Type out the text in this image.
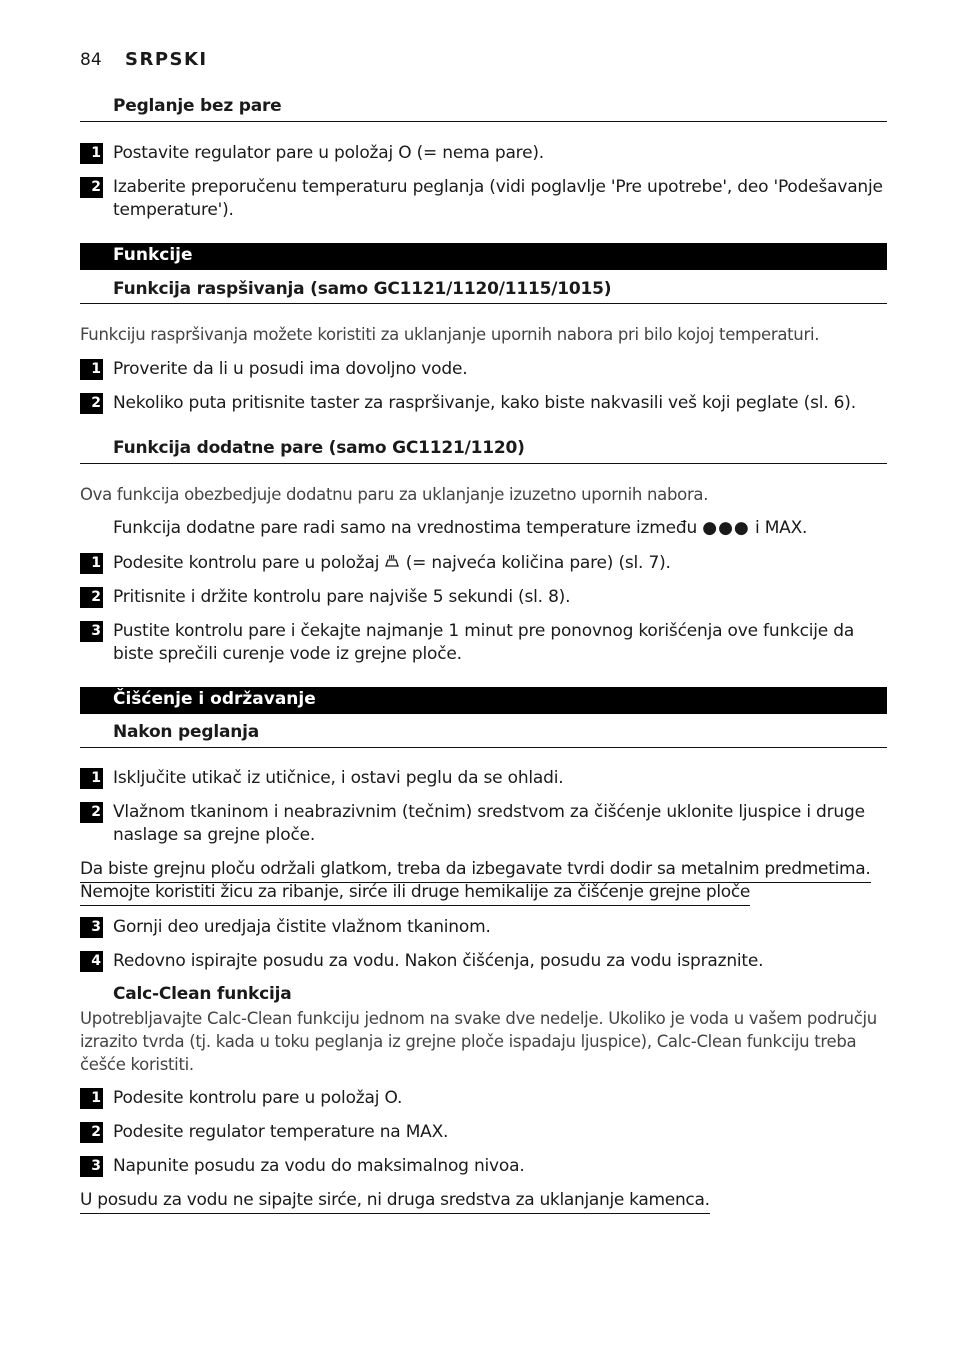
84 SRPSKI
Peglanje bez pare
1 Postavite regulator pare u položaj O (= nema pare).
2 Izaberite preporučenu temperaturu peglanja (vidi poglavlje 'Pre upotrebe', deo 'Podešavanje temperature').
Funkcije
Funkcija raspšivanja (samo GC1121/1120/1115/1015)
Funkciju raspršivanja možete koristiti za uklanjanje upornih nabora pri bilo kojoj temperaturi.
1 Proverite da li u posudi ima dovoljno vode.
2 Nekoliko puta pritisnite taster za raspršivanje, kako biste nakvasili veš koji peglate (sl. 6).
Funkcija dodatne pare (samo GC1121/1120)
Ova funkcija obezbedjuje dodatnu paru za uklanjanje izuzetno upornih nabora.
Funkcija dodatne pare radi samo na vrednostima temperature između ●●● i MAX.
1 Podesite kontrolu pare u položaj (= najveća količina pare) (sl. 7).
2 Pritisnite i držite kontrolu pare najviše 5 sekundi (sl. 8).
3 Pustite kontrolu pare i čekajte najmanje 1 minut pre ponovnog korišćenja ove funkcije da biste sprečili curenje vode iz grejne ploče.
Čišćenje i održavanje
Nakon peglanja
1 Isključite utikač iz utičnice, i ostavi peglu da se ohladi.
2 Vlažnom tkaninom i neabrazivnim (tečnim) sredstvom za čišćenje uklonite ljuspice i druge naslage sa grejne ploče.
Da biste grejnu ploču održali glatkom, treba da izbegavate tvrdi dodir sa metalnim predmetima.
Nemojte koristiti žicu za ribanje, sirće ili druge hemikalije za čišćenje grejne ploče
3 Gornji deo uredjaja čistite vlažnom tkaninom.
4 Redovno ispirajte posudu za vodu. Nakon čišćenja, posudu za vodu ispraznite.
Calc-Clean funkcija
Upotrebljavajte Calc-Clean funkciju jednom na svake dve nedelje. Ukoliko je voda u vašem području izrazito tvrda (tj. kada u toku peglanja iz grejne ploče ispadaju ljuspice), Calc-Clean funkciju treba češće koristiti.
1 Podesite kontrolu pare u položaj O.
2 Podesite regulator temperature na MAX.
3 Napunite posudu za vodu do maksimalnog nivoa.
U posudu za vodu ne sipajte sirće, ni druga sredstva za uklanjanje kamenca.
